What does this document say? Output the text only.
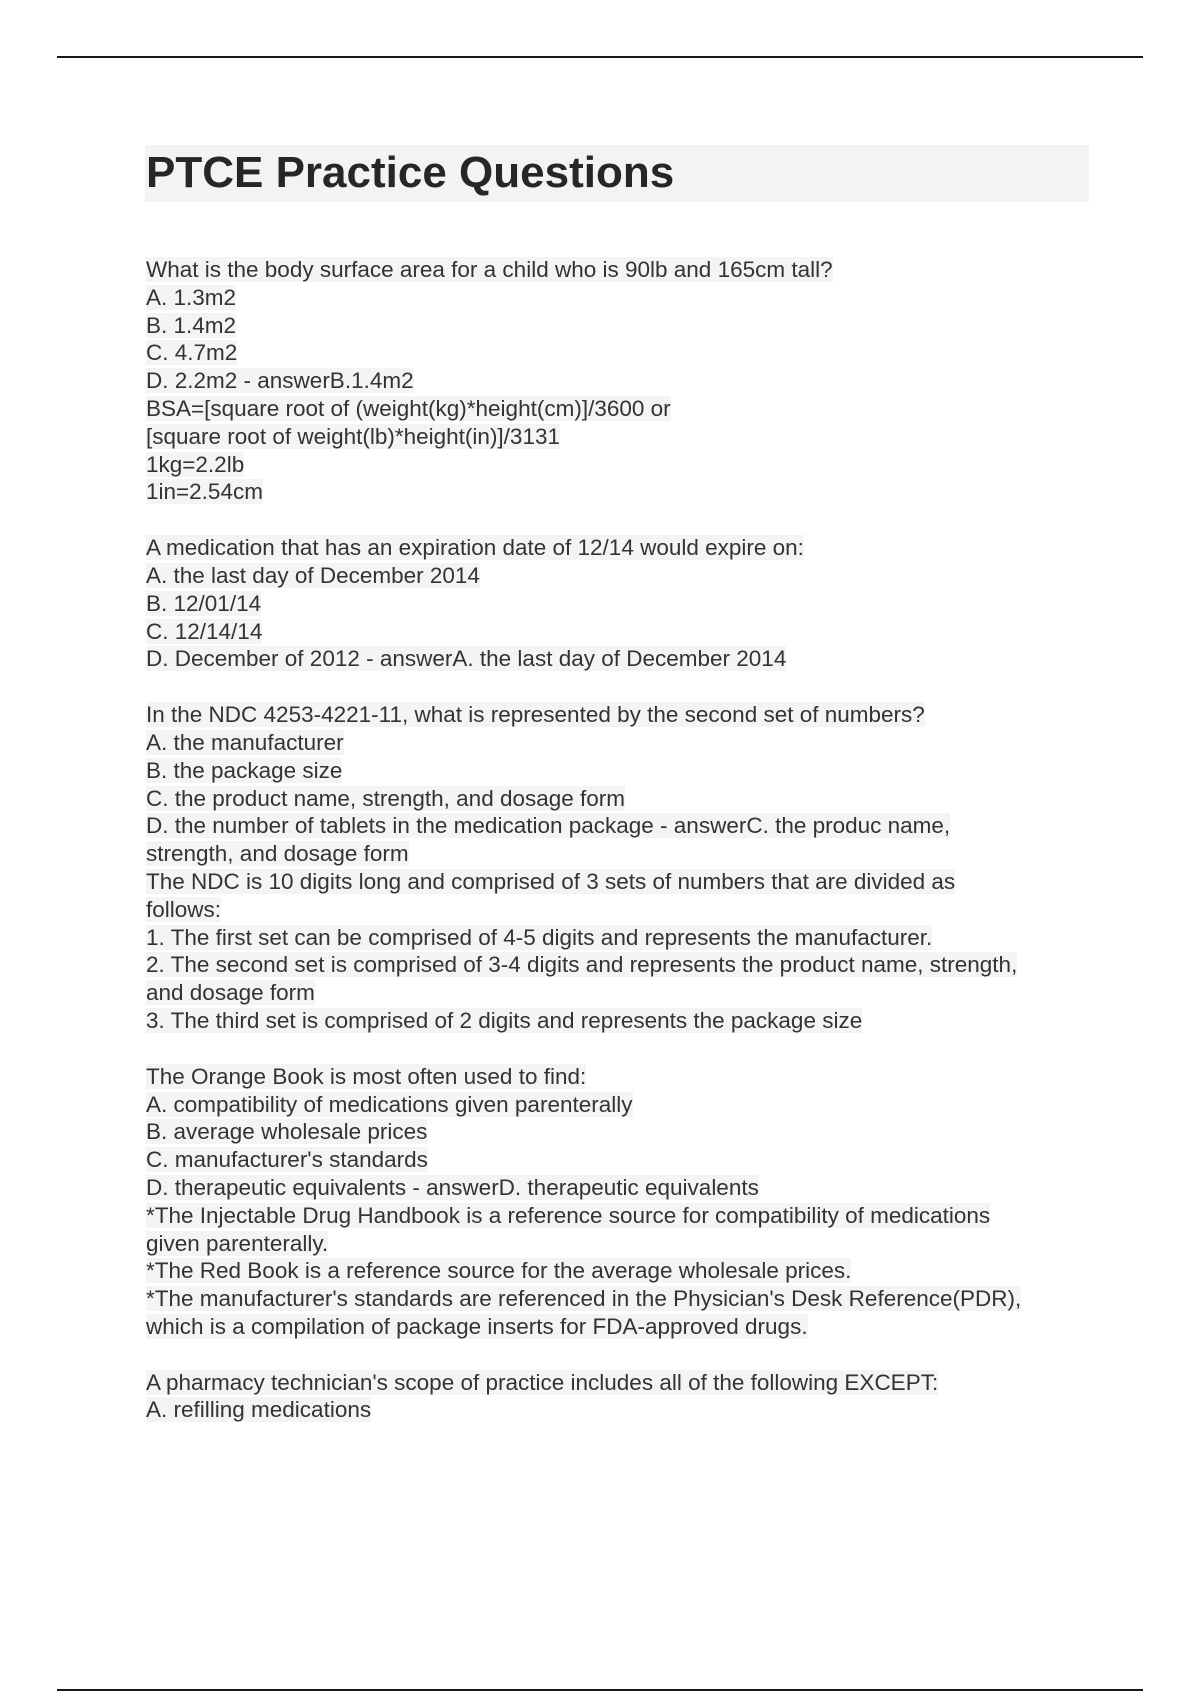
PTCE Practice Questions
What is the body surface area for a child who is 90lb and 165cm tall?
A. 1.3m2
B. 1.4m2
C. 4.7m2
D. 2.2m2 - answerB.1.4m2
BSA=[square root of (weight(kg)*height(cm)]/3600 or
[square root of weight(lb)*height(in)]/3131
1kg=2.2lb
1in=2.54cm
A medication that has an expiration date of 12/14 would expire on:
A. the last day of December 2014
B. 12/01/14
C. 12/14/14
D. December of 2012 - answerA. the last day of December 2014
In the NDC 4253-4221-11, what is represented by the second set of numbers?
A. the manufacturer
B. the package size
C. the product name, strength, and dosage form
D. the number of tablets in the medication package - answerC. the produc name,
strength, and dosage form
The NDC is 10 digits long and comprised of 3 sets of numbers that are divided as
follows:
1. The first set can be comprised of 4-5 digits and represents the manufacturer.
2. The second set is comprised of 3-4 digits and represents the product name, strength,
and dosage form
3. The third set is comprised of 2 digits and represents the package size
The Orange Book is most often used to find:
A. compatibility of medications given parenterally
B. average wholesale prices
C. manufacturer's standards
D. therapeutic equivalents - answerD. therapeutic equivalents
*The Injectable Drug Handbook is a reference source for compatibility of medications
given parenterally.
*The Red Book is a reference source for the average wholesale prices.
*The manufacturer's standards are referenced in the Physician's Desk Reference(PDR),
which is a compilation of package inserts for FDA-approved drugs.
A pharmacy technician's scope of practice includes all of the following EXCEPT:
A. refilling medications
